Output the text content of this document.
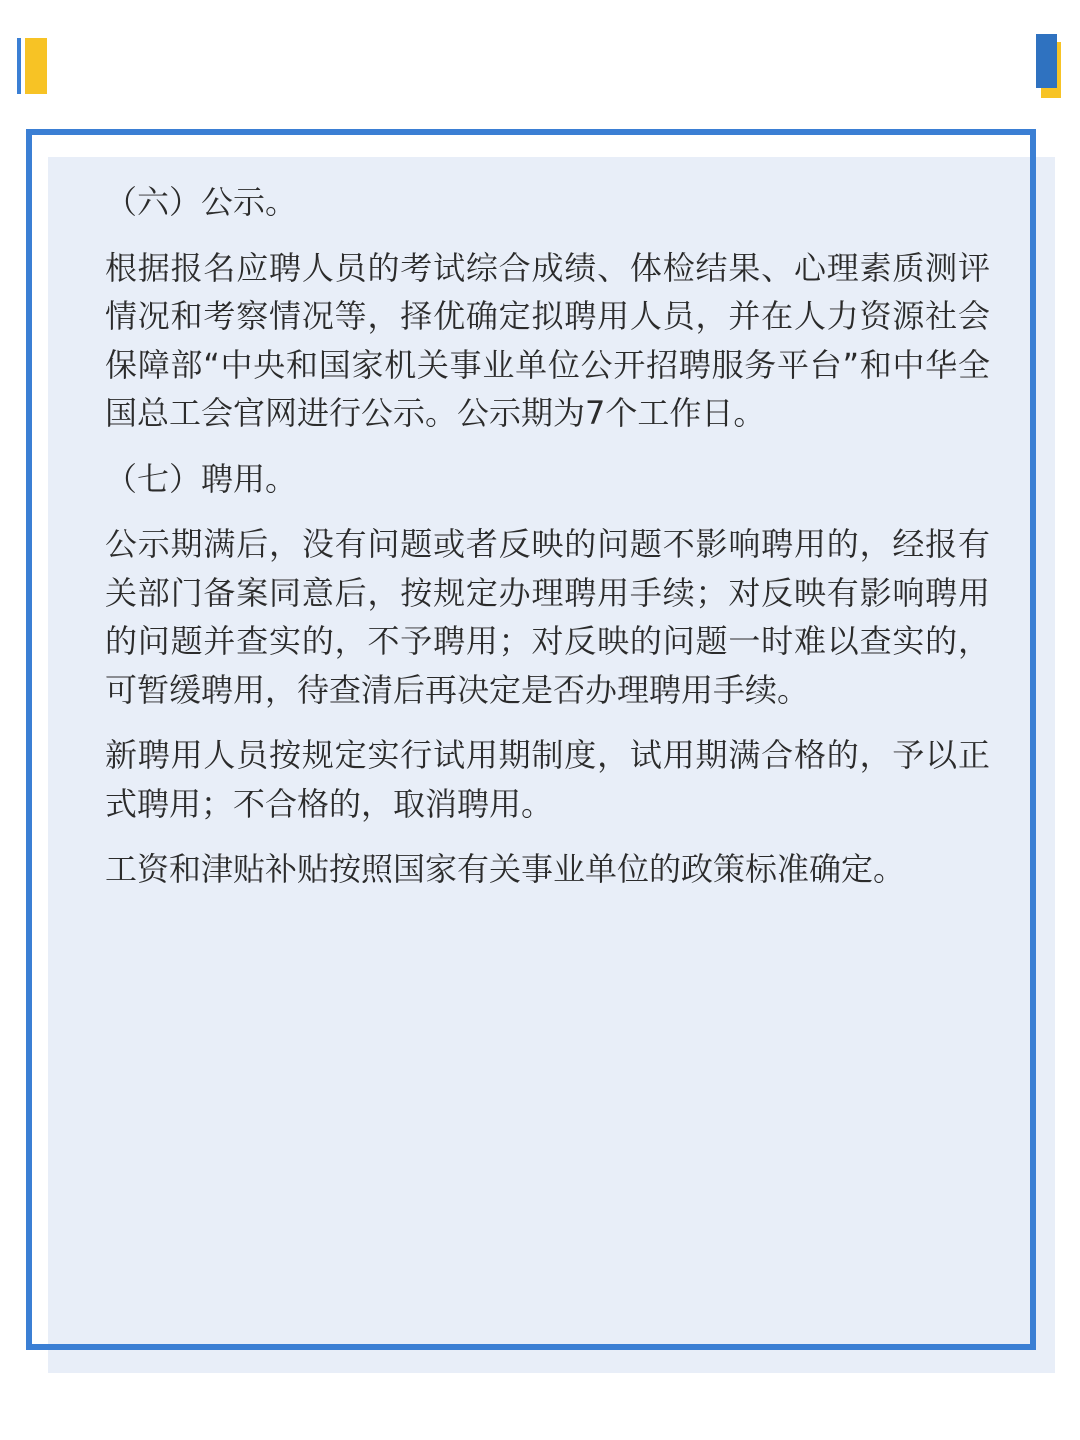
（六）公示。

根据报名应聘人员的考试综合成绩、体检结果、心理素质测评情况和考察情况等，择优确定拟聘用人员，并在人力资源社会保障部“中央和国家机关事业单位公开招聘服务平台”和中华全国总工会官网进行公示。公示期为7个工作日。

（七）聘用。

公示期满后，没有问题或者反映的问题不影响聘用的，经报有关部门备案同意后，按规定办理聘用手续；对反映有影响聘用的问题并查实的，不予聘用；对反映的问题一时难以查实的，可暂缓聘用，待查清后再决定是否办理聘用手续。

新聘用人员按规定实行试用期制度，试用期满合格的，予以正式聘用；不合格的，取消聘用。

工资和津贴补贴按照国家有关事业单位的政策标准确定。
